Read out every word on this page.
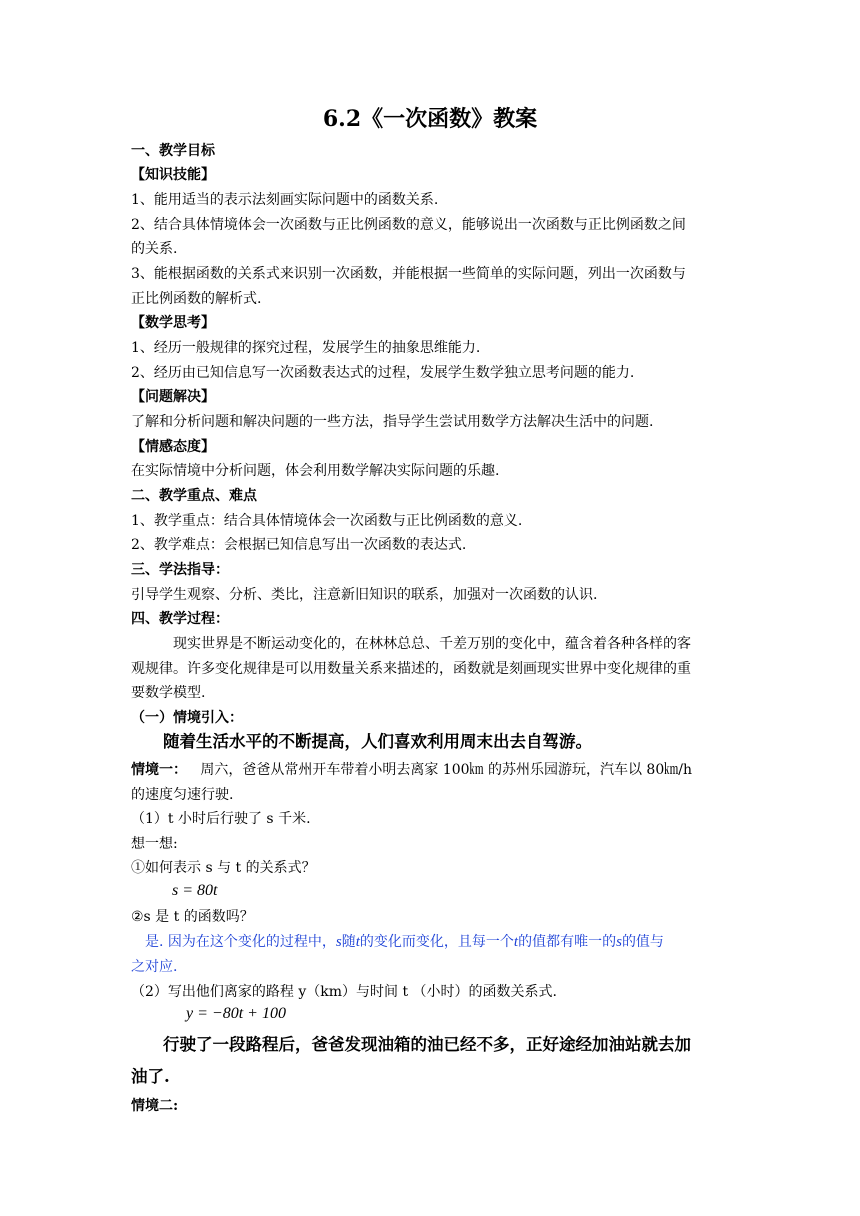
6.2《一次函数》教案
一、教学目标
【知识技能】
1、能用适当的表示法刻画实际问题中的函数关系.
2、结合具体情境体会一次函数与正比例函数的意义，能够说出一次函数与正比例函数之间
的关系.
3、能根据函数的关系式来识别一次函数，并能根据一些简单的实际问题，列出一次函数与
正比例函数的解析式.
【数学思考】
1、经历一般规律的探究过程，发展学生的抽象思维能力.
2、经历由已知信息写一次函数表达式的过程，发展学生数学独立思考问题的能力.
【问题解决】
了解和分析问题和解决问题的一些方法，指导学生尝试用数学方法解决生活中的问题.
【情感态度】
在实际情境中分析问题，体会利用数学解决实际问题的乐趣.
二、教学重点、难点
1、教学重点：结合具体情境体会一次函数与正比例函数的意义.
2、教学难点：会根据已知信息写出一次函数的表达式.
三、学法指导：
引导学生观察、分析、类比，注意新旧知识的联系，加强对一次函数的认识.
四、教学过程：
现实世界是不断运动变化的，在林林总总、千差万别的变化中，蕴含着各种各样的客
观规律。许多变化规律是可以用数量关系来描述的，函数就是刻画现实世界中变化规律的重
要数学模型.
（一）情境引入：
随着生活水平的不断提高，人们喜欢利用周末出去自驾游。
情境一： 周六，爸爸从常州开车带着小明去离家 100㎞ 的苏州乐园游玩，汽车以 80㎞/h
的速度匀速行驶.
（1）t 小时后行驶了 s 千米.
想一想:
①如何表示 s 与 t 的关系式？
s = 80t
②s 是 t 的函数吗？
是. 因为在这个变化的过程中，s随t的变化而变化，且每一个t的值都有唯一的s的值与
之对应.
（2）写出他们离家的路程 y（km）与时间 t （小时）的函数关系式.
y = −80t + 100
行驶了一段路程后，爸爸发现油箱的油已经不多，正好途经加油站就去加
油了.
情境二:
